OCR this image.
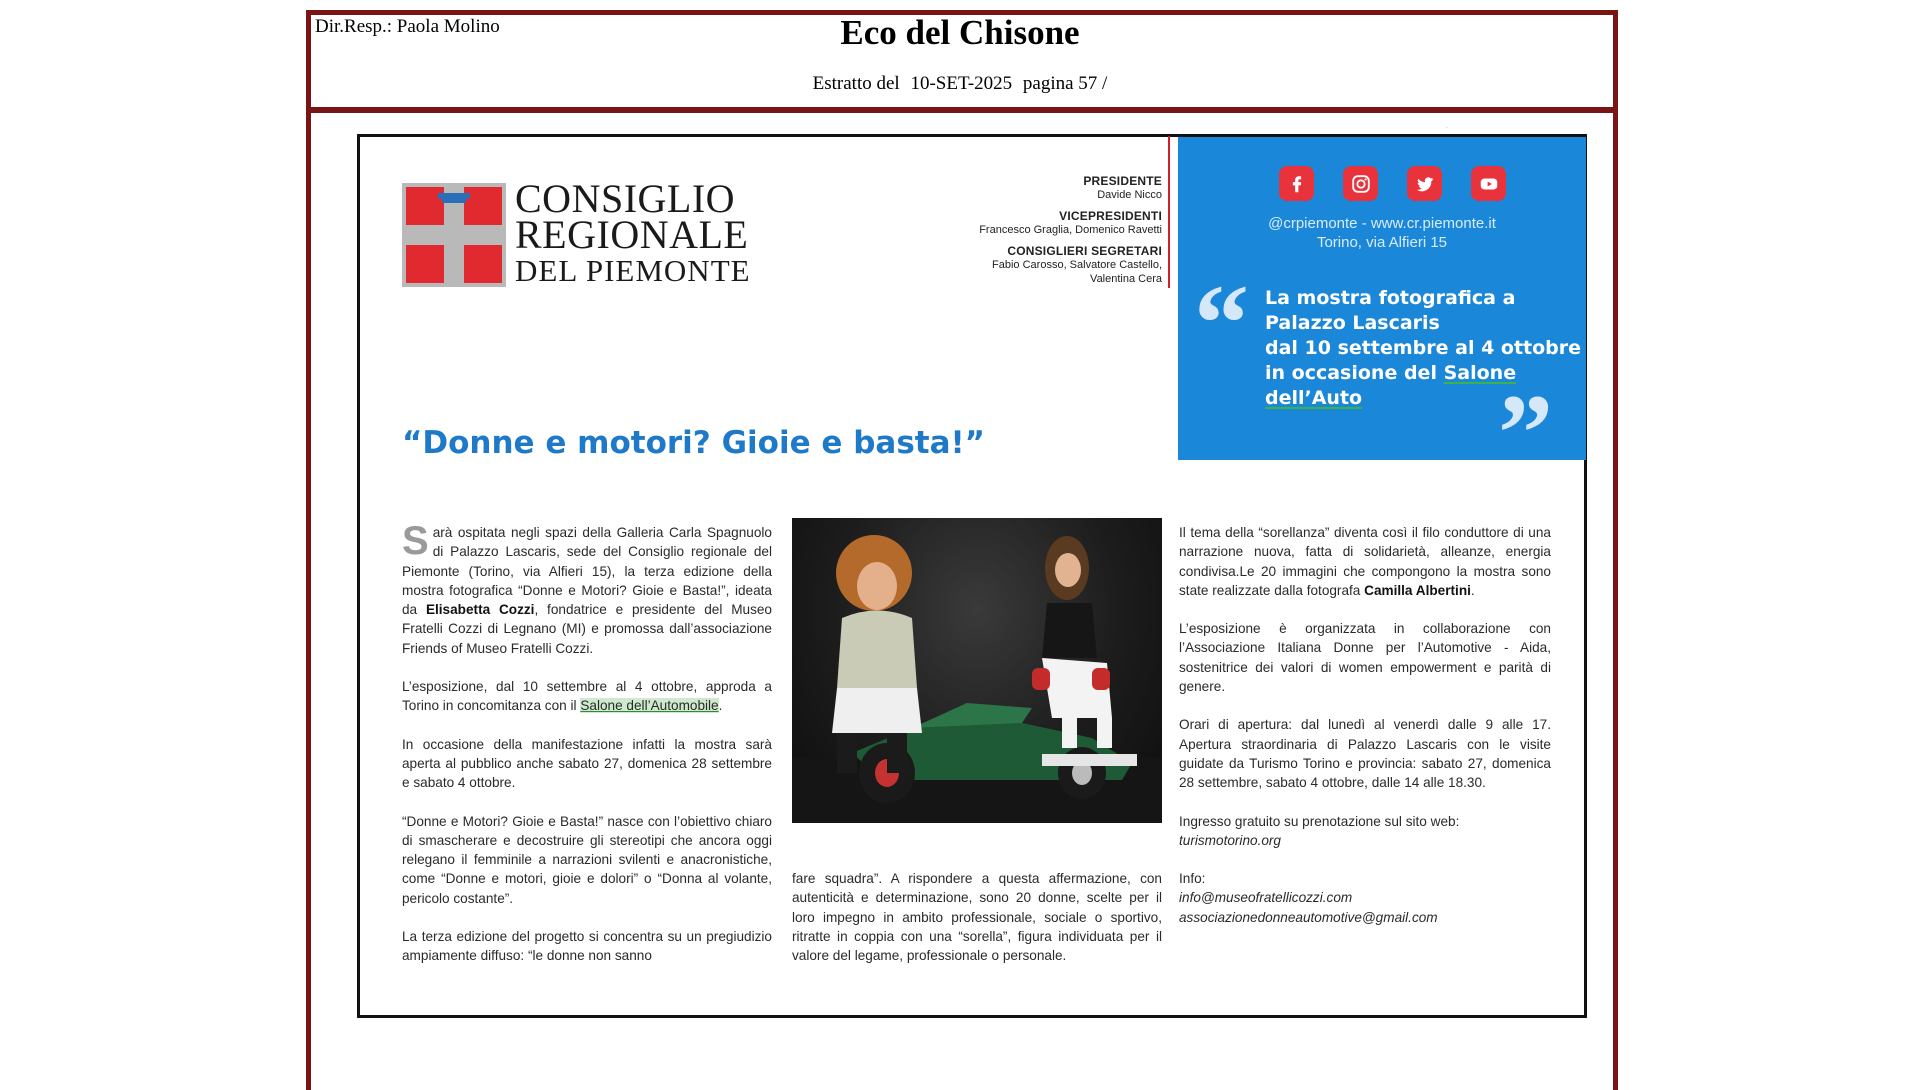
Dir.Resp.: Paola Molino	Eco del Chisone
Estratto del 10-SET-2025 pagina 57 /
CONSIGLIO
REGIONALE
DEL PIEMONTE
PRESIDENTE
Davide Nicco
VICEPRESIDENTI
Francesco Graglia, Domenico Ravetti
CONSIGLIERI SEGRETARI
Fabio Carosso, Salvatore Castello,
Valentina Cera
@crpiemonte - www.cr.piemonte.it
Torino, via Alfieri 15
“
”
La mostra fotografica a
Palazzo Lascaris
dal 10 settembre al 4 ottobre
in occasione del Salone
dell’Auto
“Donne e motori? Gioie e basta!”

Sarà ospitata negli spazi della Galleria Carla Spagnuolo di Palazzo Lascaris, sede del Consiglio regionale del Piemonte (Torino, via Alfieri 15), la terza edizione della mostra fotografica “Donne e Motori? Gioie e Basta!”, ideata da Elisabetta Cozzi, fondatrice e presidente del Museo Fratelli Cozzi di Legnano (MI) e promossa dall’associazione Friends of Museo Fratelli Cozzi.

L’esposizione, dal 10 settembre al 4 ottobre, approda a Torino in concomitanza con il Salone dell’Automobile.

In occasione della manifestazione infatti la mostra sarà aperta al pubblico anche sabato 27, domenica 28 settembre e sabato 4 ottobre.

“Donne e Motori? Gioie e Basta!” nasce con l’obiettivo chiaro di smascherare e decostruire gli stereotipi che ancora oggi relegano il femminile a narrazioni svilenti e anacronistiche, come “Donne e motori, gioie e dolori” o “Donna al volante, pericolo costante”.

La terza edizione del progetto si concentra su un pregiudizio ampiamente diffuso: “le donne non sanno

fare squadra”. A rispondere a questa affermazione, con autenticità e determinazione, sono 20 donne, scelte per il loro impegno in ambito professionale, sociale o sportivo, ritratte in coppia con una “sorella”, figura individuata per il valore del legame, professionale o personale.

Il tema della “sorellanza” diventa così il filo conduttore di una narrazione nuova, fatta di solidarietà, alleanze, energia condivisa.Le 20 immagini che compongono la mostra sono state realizzate dalla fotografa Camilla Albertini.

L’esposizione è organizzata in collaborazione con l’Associazione Italiana Donne per l’Automotive - Aida, sostenitrice dei valori di women empowerment e parità di genere.

Orari di apertura: dal lunedì al venerdì dalle 9 alle 17. Apertura straordinaria di Palazzo Lascaris con le visite guidate da Turismo Torino e provincia: sabato 27, domenica 28 settembre, sabato 4 ottobre, dalle 14 alle 18.30.

Ingresso gratuito su prenotazione sul sito web:

turismotorino.org

Info:

info@museofratellicozzi.com

associazionedonneautomotive@gmail.com

·
